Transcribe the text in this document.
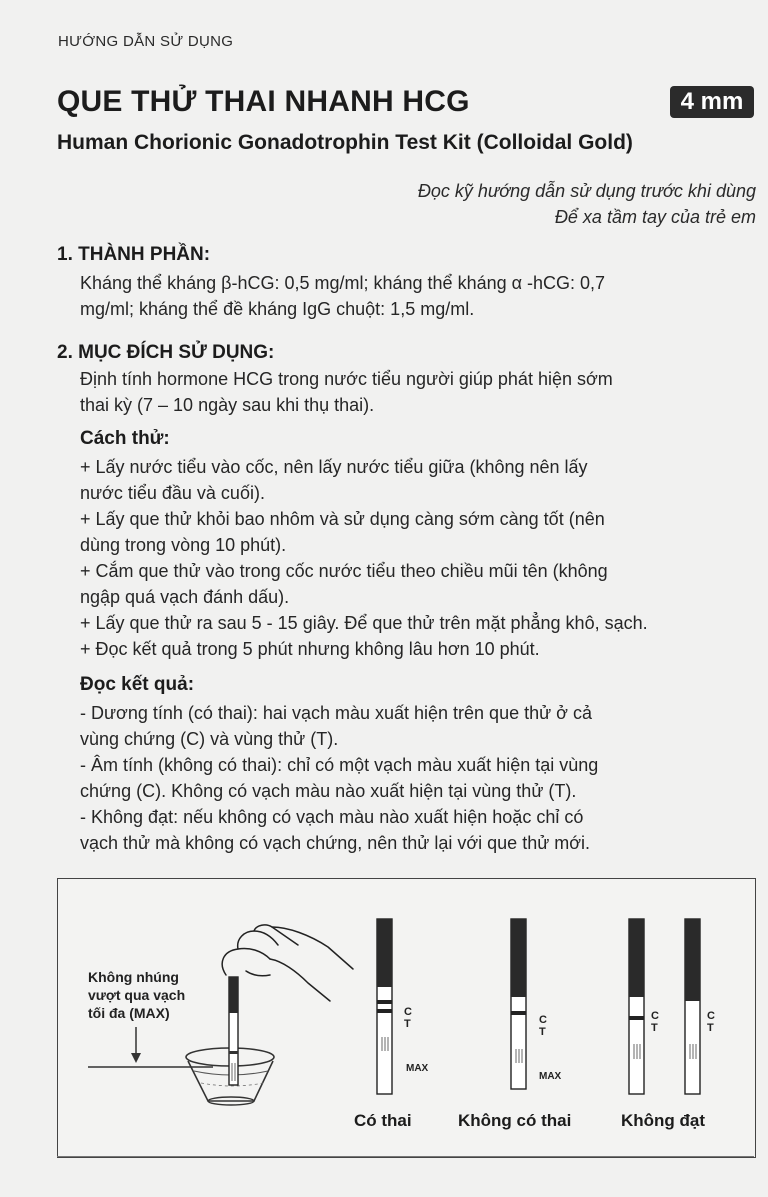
HƯỚNG DẪN SỬ DỤNG
QUE THỬ THAI NHANH HCG	4 mm
Human Chorionic Gonadotrophin Test Kit (Colloidal Gold)
Đọc kỹ hướng dẫn sử dụng trước khi dùng
Để xa tầm tay của trẻ em
1. THÀNH PHẦN:

Kháng thể kháng β-hCG: 0,5 mg/ml; kháng thể kháng α -hCG: 0,7

mg/ml; kháng thể đề kháng IgG chuột: 1,5 mg/ml.

2. MỤC ĐÍCH SỬ DỤNG:

Định tính hormone HCG trong nước tiểu người giúp phát hiện sớm

thai kỳ (7 – 10 ngày sau khi thụ thai).

Cách thử:

+ Lấy nước tiểu vào cốc, nên lấy nước tiểu giữa (không nên lấy

nước tiểu đầu và cuối).

+ Lấy que thử khỏi bao nhôm và sử dụng càng sớm càng tốt (nên

dùng trong vòng 10 phút).

+ Cắm que thử vào trong cốc nước tiểu theo chiều mũi tên (không

ngập quá vạch đánh dấu).

+ Lấy que thử ra sau 5 - 15 giây. Để que thử trên mặt phẳng khô, sạch.

+ Đọc kết quả trong 5 phút nhưng không lâu hơn 10 phút.

Đọc kết quả:

- Dương tính (có thai): hai vạch màu xuất hiện trên que thử ở cả

vùng chứng (C) và vùng thử (T).

- Âm tính (không có thai): chỉ có một vạch màu xuất hiện tại vùng

chứng (C). Không có vạch màu nào xuất hiện tại vùng thử (T).

- Không đạt: nếu không có vạch màu nào xuất hiện hoặc chỉ có

vạch thử mà không có vạch chứng, nên thử lại với que thử mới.

Không nhúng
vượt qua vạch
tối đa (MAX)	C
T
MAX
C
T
MAX
C
T
C
T
Có thai	Không có thai	Không đạt
